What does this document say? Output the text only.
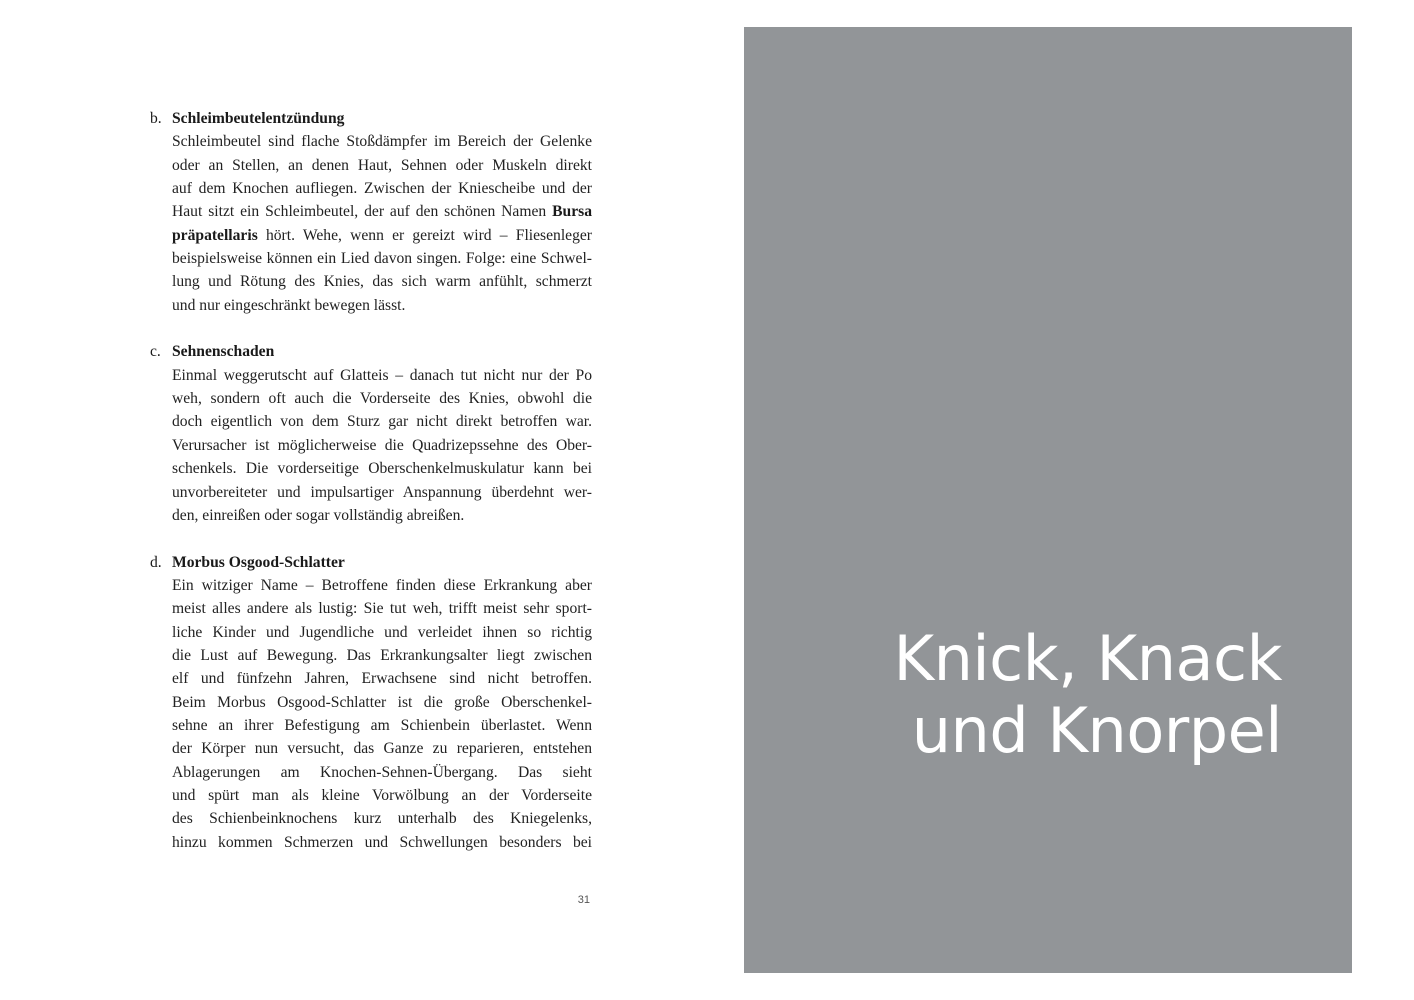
b. Schleimbeutelentzündung
Schleimbeutel sind flache Stoßdämpfer im Bereich der Gelenke
oder an Stellen, an denen Haut, Sehnen oder Muskeln direkt
auf dem Knochen aufliegen. Zwischen der Kniescheibe und der
Haut sitzt ein Schleimbeutel, der auf den schönen Namen Bursa
präpatellaris hört. Wehe, wenn er gereizt wird – Fliesenleger
beispielsweise können ein Lied davon singen. Folge: eine Schwel-
lung und Rötung des Knies, das sich warm anfühlt, schmerzt
und nur eingeschränkt bewegen lässt.
c. Sehnenschaden
Einmal weggerutscht auf Glatteis – danach tut nicht nur der Po
weh, sondern oft auch die Vorderseite des Knies, obwohl die
doch eigentlich von dem Sturz gar nicht direkt betroffen war.
Verursacher ist möglicherweise die Quadrizepssehne des Ober-
schenkels. Die vorderseitige Oberschenkelmuskulatur kann bei
unvorbereiteter und impulsartiger Anspannung überdehnt wer-
den, einreißen oder sogar vollständig abreißen.
d. Morbus Osgood-Schlatter
Ein witziger Name – Betroffene finden diese Erkrankung aber
meist alles andere als lustig: Sie tut weh, trifft meist sehr sport-
liche Kinder und Jugendliche und verleidet ihnen so richtig
die Lust auf Bewegung. Das Erkrankungsalter liegt zwischen
elf und fünfzehn Jahren, Erwachsene sind nicht betroffen.
Beim Morbus Osgood-Schlatter ist die große Oberschenkel-
sehne an ihrer Befestigung am Schienbein überlastet. Wenn
der Körper nun versucht, das Ganze zu reparieren, entstehen
Ablagerungen am Knochen-Sehnen-Übergang. Das sieht
und spürt man als kleine Vorwölbung an der Vorderseite
des Schienbeinknochens kurz unterhalb des Kniegelenks,
hinzu kommen Schmerzen und Schwellungen besonders bei
31
Knick, Knack
und Knorpel
